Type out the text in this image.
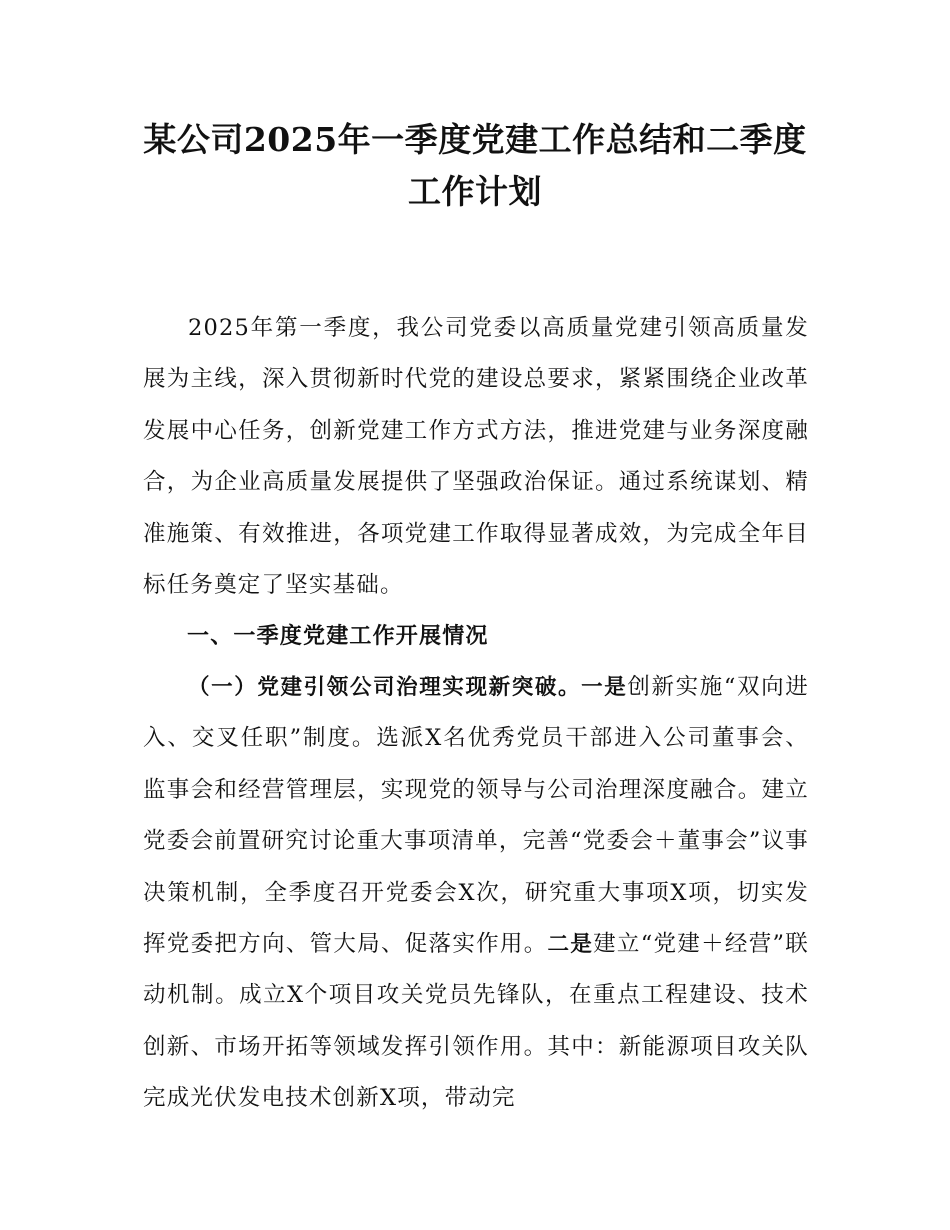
某公司2025年一季度党建工作总结和二季度
工作计划

2025年第一季度，我公司党委以高质量党建引领高质量发展为主线，深入贯彻新时代党的建设总要求，紧紧围绕企业改革发展中心任务，创新党建工作方式方法，推进党建与业务深度融合，为企业高质量发展提供了坚强政治保证。通过系统谋划、精准施策、有效推进，各项党建工作取得显著成效，为完成全年目标任务奠定了坚实基础。

一、一季度党建工作开展情况

（一）党建引领公司治理实现新突破。一是创新实施“双向进入、交叉任职”制度。选派X名优秀党员干部进入公司董事会、监事会和经营管理层，实现党的领导与公司治理深度融合。建立党委会前置研究讨论重大事项清单，完善“党委会＋董事会”议事决策机制，全季度召开党委会X次，研究重大事项X项，切实发挥党委把方向、管大局、促落实作用。二是建立“党建＋经营”联动机制。成立X个项目攻关党员先锋队，在重点工程建设、技术创新、市场开拓等领域发挥引领作用。其中：新能源项目攻关队完成光伏发电技术创新X项，带动完
